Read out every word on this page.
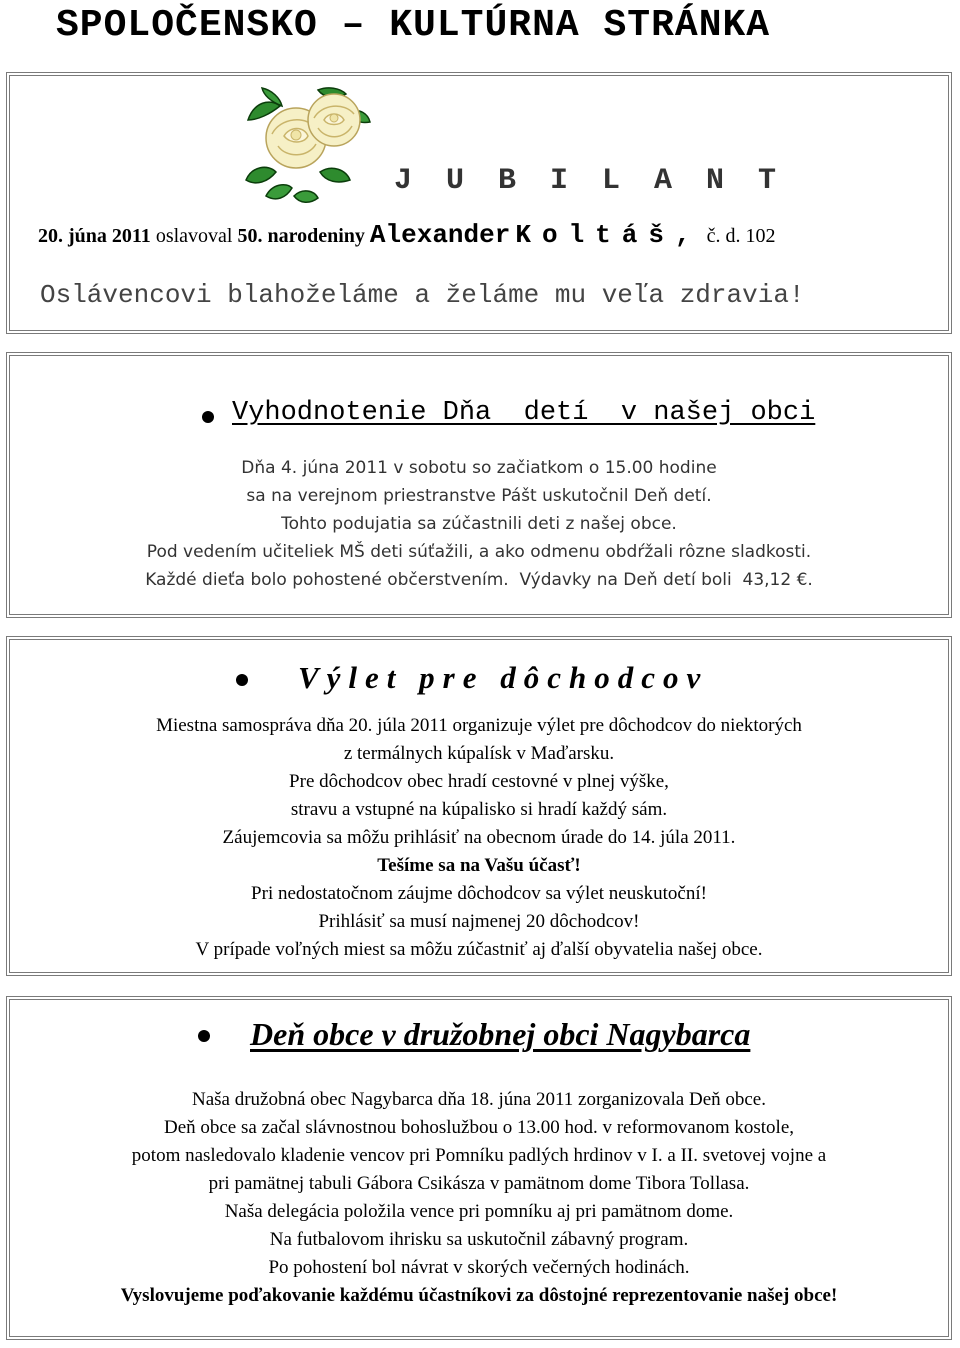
SPOLOČENSKO – KULTÚRNA STRÁNKA

J U B I L A N T

20. júna 2011 oslavoval 50. narodeniny Alexander Koltáš, č. d. 102

Oslávencovi blahoželáme a želáme mu veľa zdravia!

Vyhodnotenie Dňa  detí  v našej obci

Dňa 4. júna 2011 v sobotu so začiatkom o 15.00 hodine

sa na verejnom priestranstve Pášt uskutočnil Deň detí.

Tohto podujatia sa zúčastnili deti z našej obce.

Pod vedením učiteliek MŠ deti súťažili, a ako odmenu obdŕžali rôzne sladkosti.

Každé dieťa bolo pohostené občerstvením.  Výdavky na Deň detí boli  43,12 €.

Výlet pre dôchodcov

Miestna samospráva dňa 20. júla 2011 organizuje výlet pre dôchodcov do niektorých

z termálnych kúpalísk v Maďarsku.

Pre dôchodcov obec hradí cestovné v plnej výške,

stravu a vstupné na kúpalisko si hradí každý sám.

Záujemcovia sa môžu prihlásiť na obecnom úrade do 14. júla 2011.

Tešíme sa na Vašu účasť!

Pri nedostatočnom záujme dôchodcov sa výlet neuskutoční!

Prihlásiť sa musí najmenej 20 dôchodcov!

V prípade voľných miest sa môžu zúčastniť aj ďalší obyvatelia našej obce.

Deň obce v družobnej obci Nagybarca

Naša družobná obec Nagybarca dňa 18. júna 2011 zorganizovala Deň obce.

Deň obce sa začal slávnostnou bohoslužbou o 13.00 hod. v reformovanom kostole,

potom nasledovalo kladenie vencov pri Pomníku padlých hrdinov v I. a II. svetovej vojne a

pri pamätnej tabuli Gábora Csikásza v pamätnom dome Tibora Tollasa.

Naša delegácia položila vence pri pomníku aj pri pamätnom dome.

Na futbalovom ihrisku sa uskutočnil zábavný program.

Po pohostení bol návrat v skorých večerných hodinách.

Vyslovujeme poďakovanie každému účastníkovi za dôstojné reprezentovanie našej obce!
